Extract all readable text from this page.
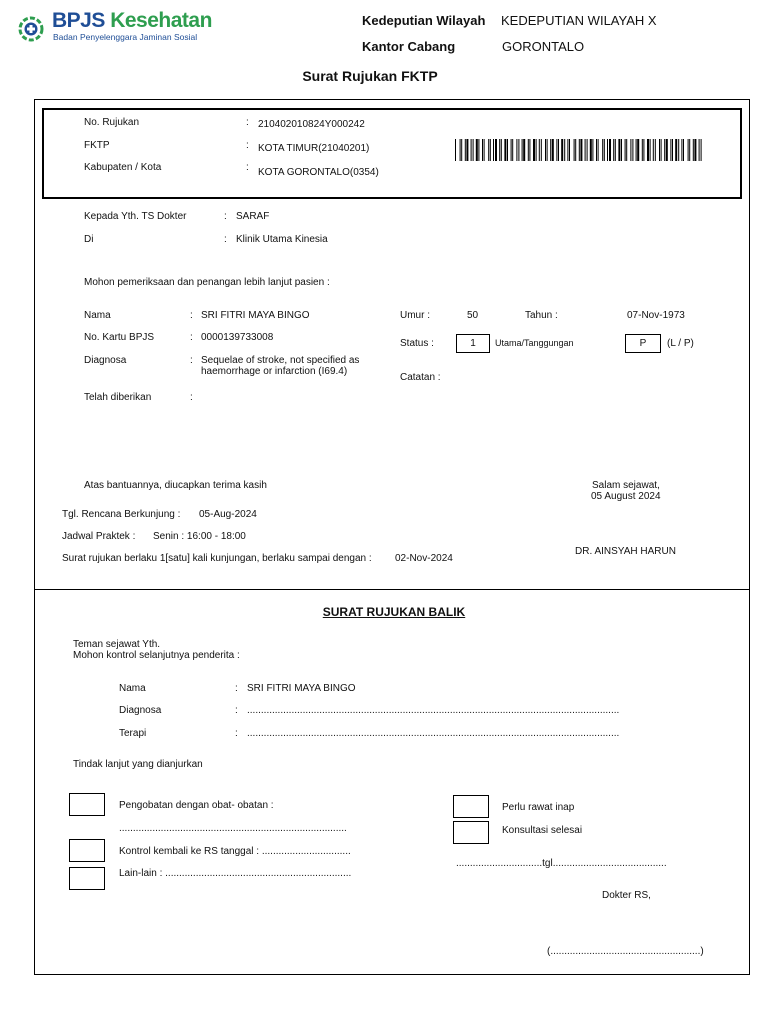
BPJS Kesehatan
Badan Penyelenggara Jaminan Sosial
Kedeputian Wilayah KEDEPUTIAN WILAYAH X
Kantor Cabang	GORONTALO
Surat Rujukan FKTP
No. Rujukan	: 210402010824Y000242
FKTP	: KOTA TIMUR(21040201)
Kabupaten / Kota	: KOTA GORONTALO(0354)
Kepada Yth. TS Dokter	: SARAF
Di	: Klinik Utama Kinesia
Mohon pemeriksaan dan penangan lebih lanjut pasien :
Nama	: SRI FITRI MAYA BINGO
No. Kartu BPJS	: 0000139733008
Diagnosa	: Sequelae of stroke, not specified as
haemorrhage or infarction (I69.4)
Telah diberikan	:
Umur :	50	Tahun :	07-Nov-1973
Status :	1	Utama/Tanggungan	P	(L / P)
Catatan :
Atas bantuannya, diucapkan terima kasih	Salam sejawat,
05 August 2024
Tgl. Rencana Berkunjung : 05-Aug-2024
Jadwal Praktek : Senin : 16:00 - 18:00
Surat rujukan berlaku 1[satu] kali kunjungan, berlaku sampai dengan : 02-Nov-2024
DR. AINSYAH HARUN
SURAT RUJUKAN BALIK
Teman sejawat Yth.
Mohon kontrol selanjutnya penderita :
Nama	: SRI FITRI MAYA BINGO
Diagnosa	: ......................................................................................................................................
Terapi	: ......................................................................................................................................
Tindak lanjut yang dianjurkan
Pengobatan dengan obat- obatan :
..................................................................................
Kontrol kembali ke RS tanggal : ................................
Lain-lain : ...................................................................
Perlu rawat inap
Konsultasi selesai
...............................tgl.........................................
Dokter RS,
(......................................................)
